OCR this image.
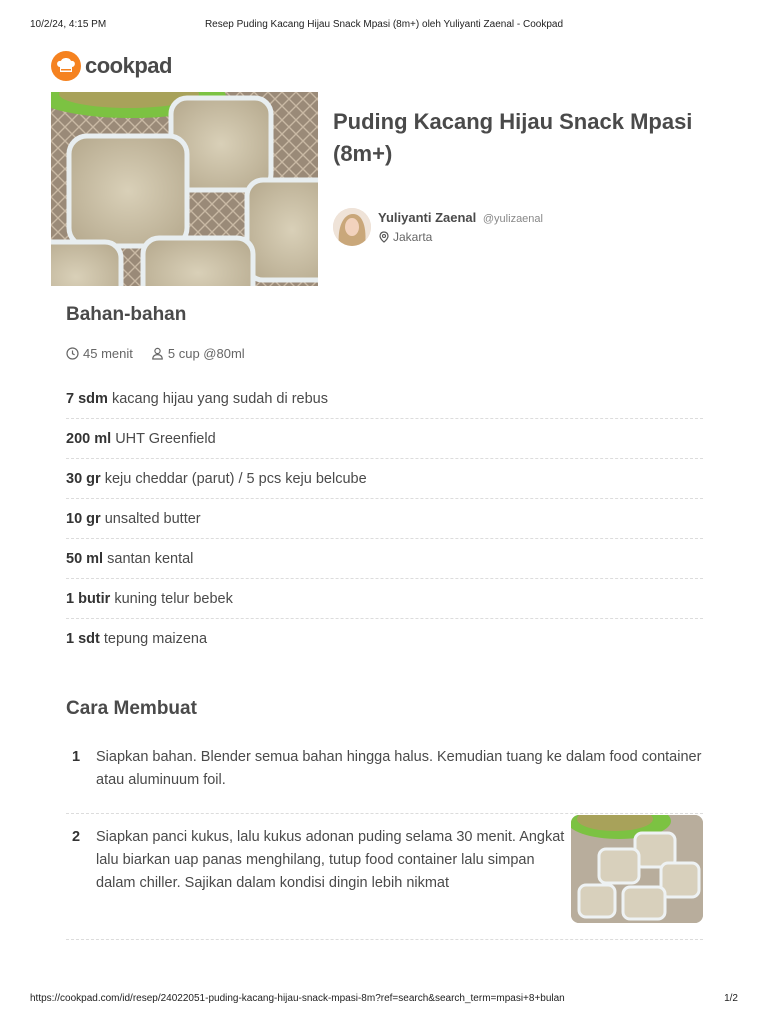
10/2/24, 4:15 PM	Resep Puding Kacang Hijau Snack Mpasi (8m+) oleh Yuliyanti Zaenal - Cookpad
cookpad
Puding Kacang Hijau Snack Mpasi (8m+)
Yuliyanti Zaenal @yulizaenal
Jakarta
Bahan-bahan
45 menit	5 cup @80ml
7 sdm kacang hijau yang sudah di rebus
200 ml UHT Greenfield
30 gr keju cheddar (parut) / 5 pcs keju belcube
10 gr unsalted butter
50 ml santan kental
1 butir kuning telur bebek
1 sdt tepung maizena
Cara Membuat
1	Siapkan bahan. Blender semua bahan hingga halus. Kemudian tuang ke dalam food container atau aluminuum foil.
2	Siapkan panci kukus, lalu kukus adonan puding selama 30 menit. Angkat lalu biarkan uap panas menghilang, tutup food container lalu simpan dalam chiller. Sajikan dalam kondisi dingin lebih nikmat
https://cookpad.com/id/resep/24022051-puding-kacang-hijau-snack-mpasi-8m?ref=search&search_term=mpasi+8+bulan	1/2
